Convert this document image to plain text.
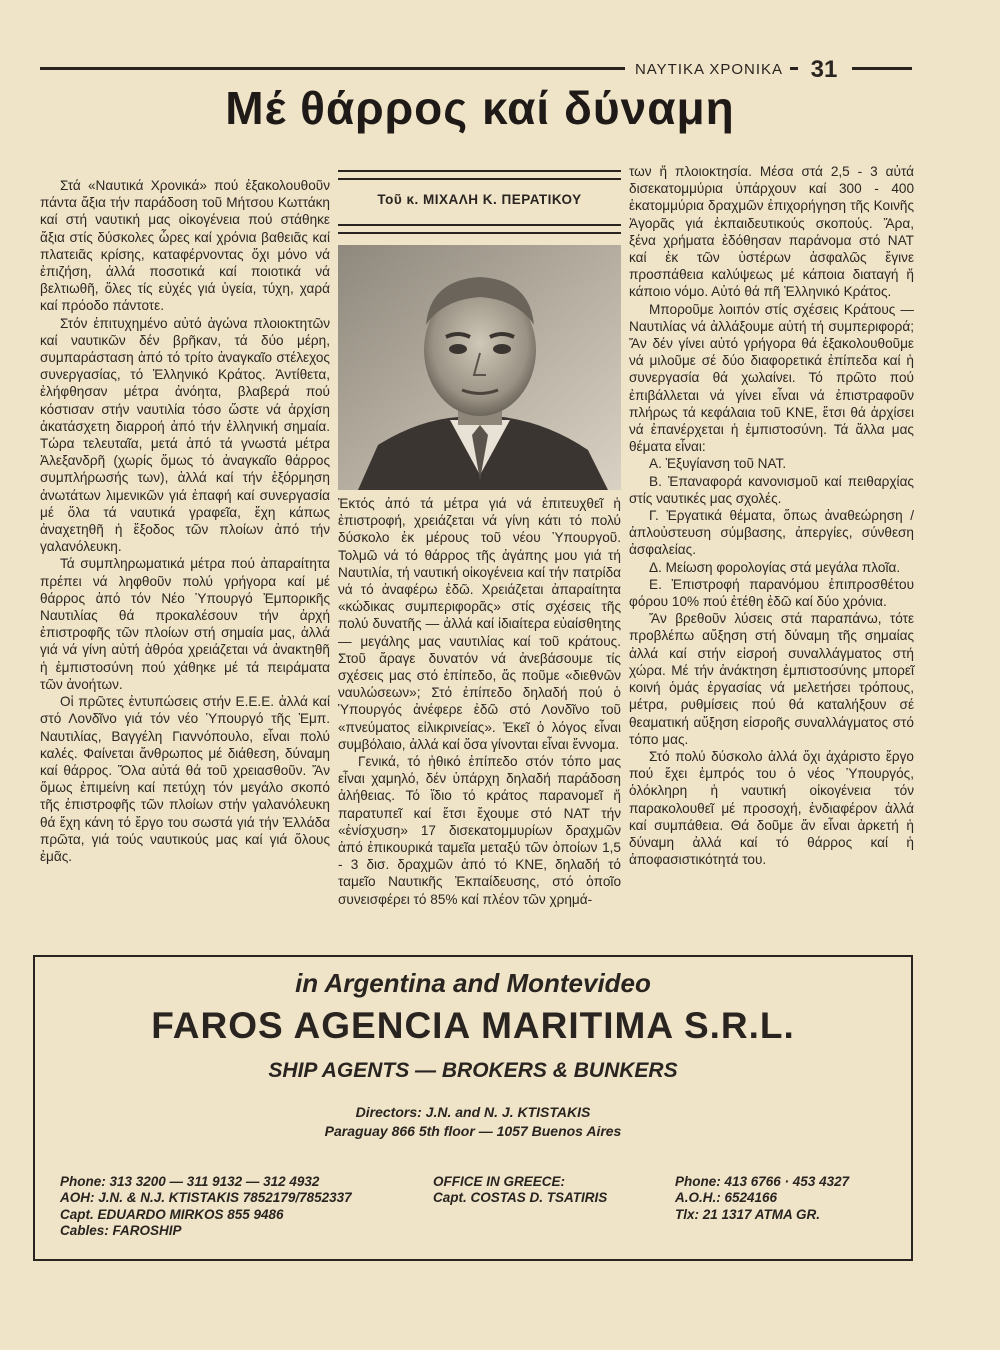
ΝΑΥΤΙΚΑ ΧΡΟΝΙΚΑ	31
Μέ θάρρος καί δύναμη

Στά «Ναυτικά Χρονικά» πού ἐξακολουθοῦν πάντα ἄξια τήν παράδοση τοῦ Μήτσου Κωττάκη καί στή ναυτική μας οἰκογένεια πού στάθηκε ἄξια στίς δύσκολες ὧρες καί χρόνια βαθειᾶς καί πλατειᾶς κρίσης, καταφέρνοντας ὄχι μόνο νά ἐπιζήση, ἀλλά ποσοτικά καί ποιοτικά νά βελτιωθῆ, ὅλες τίς εὐχές γιά ὑγεία, τύχη, χαρά καί πρόοδο πάντοτε.

Στόν ἐπιτυχημένο αὐτό ἀγώνα πλοιοκτητῶν καί ναυτικῶν δέν βρῆκαν, τά δύο μέρη, συμπαράσταση ἀπό τό τρίτο ἀναγκαῖο στέλεχος συνεργασίας, τό Ἑλληνικό Κράτος. Ἀντίθετα, ἐλήφθησαν μέτρα ἀνόητα, βλαβερά πού κόστισαν στήν ναυτιλία τόσο ὥστε νά ἀρχίση ἀκατάσχετη διαρροή ἀπό τήν ἑλληνική σημαία. Τώρα τελευταῖα, μετά ἀπό τά γνωστά μέτρα Ἀλεξανδρῆ (χωρίς ὅμως τό ἀναγκαῖο θάρρος συμπλήρωσής των), ἀλλά καί τήν ἐξόρμηση ἀνωτάτων λιμενικῶν γιά ἐπαφή καί συνεργασία μέ ὅλα τά ναυτικά γραφεῖα, ἔχη κάπως ἀναχετηθῆ ἡ ἔξοδος τῶν πλοίων ἀπό τήν γαλανόλευκη.

Τά συμπληρωματικά μέτρα πού ἀπαραίτητα πρέπει νά ληφθοῦν πολύ γρήγορα καί μέ θάρρος ἀπό τόν Νέο Ὑπουργό Ἐμπορικῆς Ναυτιλίας θά προκαλέσουν τήν ἀρχή ἐπιστροφῆς τῶν πλοίων στή σημαία μας, ἀλλά γιά νά γίνη αὐτή ἀθρόα χρειάζεται νά ἀνακτηθῆ ἡ ἐμπιστοσύνη πού χάθηκε μέ τά πειράματα τῶν ἀνοήτων.

Οἱ πρῶτες ἐντυπώσεις στήν Ε.Ε.Ε. ἀλλά καί στό Λονδῖνο γιά τόν νέο Ὑπουργό τῆς Ἐμπ. Ναυτιλίας, Βαγγέλη Γιαννόπουλο, εἶναι πολύ καλές. Φαίνεται ἄνθρωπος μέ διάθεση, δύναμη καί θάρρος. Ὅλα αὐτά θά τοῦ χρειασθοῦν. Ἄν ὅμως ἐπιμείνη καί πετύχη τόν μεγάλο σκοπό τῆς ἐπιστροφῆς τῶν πλοίων στήν γαλανόλευκη θά ἔχη κάνη τό ἔργο του σωστά γιά τήν Ἑλλάδα πρῶτα, γιά τούς ναυτικούς μας καί γιά ὅλους ἐμᾶς.

Τοῦ κ. ΜΙΧΑΛΗ Κ. ΠΕΡΑΤΙΚΟΥ

Ἐκτός ἀπό τά μέτρα γιά νά ἐπιτευχθεῖ ἡ ἐπιστροφή, χρειάζεται νά γίνη κάτι τό πολύ δύσκολο ἐκ μέρους τοῦ νέου Ὑπουργοῦ. Τολμῶ νά τό θάρρος τῆς ἀγάπης μου γιά τή Ναυτιλία, τή ναυτική οἰκογένεια καί τήν πατρίδα νά τό ἀναφέρω ἐδῶ. Χρειάζεται ἀπαραίτητα «κώδικας συμπεριφορᾶς» στίς σχέσεις τῆς πολύ δυνατῆς — ἀλλά καί ἰδιαίτερα εὐαίσθητης — μεγάλης μας ναυτιλίας καί τοῦ κράτους. Στοῦ ἄραγε δυνατόν νά ἀνεβάσουμε τίς σχέσεις μας στό ἐπίπεδο, ἄς ποῦμε «διεθνῶν ναυλώσεων»; Στό ἐπίπεδο δηλαδή πού ὁ Ὑπουργός ἀνέφερε ἐδῶ στό Λονδῖνο τοῦ «πνεύματος εἰλικρινείας». Ἐκεῖ ὁ λόγος εἶναι συμβόλαιο, ἀλλά καί ὅσα γίνονται εἶναι ἔννομα.

Γενικά, τό ἠθικό ἐπίπεδο στόν τόπο μας εἶναι χαμηλό, δέν ὑπάρχη δηλαδή παράδοση ἀλήθειας. Τό ἴδιο τό κράτος παρανομεῖ ἤ παρατυπεῖ καί ἔτσι ἔχουμε στό ΝΑΤ τήν «ἐνίσχυση» 17 δισεκατομμυρίων δραχμῶν ἀπό ἐπικουρικά ταμεῖα μεταξύ τῶν ὁποίων 1,5 - 3 δισ. δραχμῶν ἀπό τό ΚΝΕ, δηλαδή τό ταμεῖο Ναυτικῆς Ἐκπαίδευσης, στό ὁποῖο συνεισφέρει τό 85% καί πλέον τῶν χρημά-

των ἤ πλοιοκτησία. Μέσα στά 2,5 - 3 αὐτά δισεκατομμύρια ὑπάρχουν καί 300 - 400 ἑκατομμύρια δραχμῶν ἐπιχορήγηση τῆς Κοινῆς Ἀγορᾶς γιά ἐκπαιδευτικούς σκοπούς. Ἄρα, ξένα χρήματα ἐδόθησαν παράνομα στό ΝΑΤ καί ἐκ τῶν ὑστέρων ἀσφαλῶς ἔγινε προσπάθεια καλύψεως μέ κάποια διαταγή ἤ κάποιο νόμο. Αὐτό θά πῆ Ἑλληνικό Κράτος.

Μποροῦμε λοιπόν στίς σχέσεις Κράτους — Ναυτιλίας νά ἀλλάξουμε αὐτή τή συμπεριφορά; Ἄν δέν γίνει αὐτό γρήγορα θά ἐξακολουθοῦμε νά μιλοῦμε σέ δύο διαφορετικά ἐπίπεδα καί ἡ συνεργασία θά χωλαίνει. Τό πρῶτο πού ἐπιβάλλεται νά γίνει εἶναι νά ἐπιστραφοῦν πλήρως τά κεφάλαια τοῦ ΚΝΕ, ἔτσι θά ἀρχίσει νά ἐπανέρχεται ἡ ἐμπιστοσύνη. Τά ἄλλα μας θέματα εἶναι:

Α. Ἐξυγίανση τοῦ ΝΑΤ.

Β. Ἐπαναφορά κανονισμοῦ καί πειθαρχίας στίς ναυτικές μας σχολές.

Γ. Ἐργατικά θέματα, ὅπως ἀναθεώρηση /ἀπλοὐστευση σύμβασης, ἀπεργίες, σύνθεση ἀσφαλείας.

Δ. Μείωση φορολογίας στά μεγάλα πλοῖα.

Ε. Ἐπιστροφή παρανόμου ἐπιπροσθέτου φόρου 10% πού ἐτέθη ἐδῶ καί δύο χρόνια.

Ἄν βρεθοῦν λύσεις στά παραπάνω, τότε προβλέπω αὔξηση στή δύναμη τῆς σημαίας ἀλλά καί στήν εἰσροή συναλλάγματος στή χώρα. Μέ τήν ἀνάκτηση ἐμπιστοσύνης μπορεῖ κοινή ὁμάς ἐργασίας νά μελετήσει τρόπους, μέτρα, ρυθμίσεις πού θά καταλήξουν σέ θεαματική αὔξηση εἰσροῆς συναλλάγματος στό τόπο μας.

Στό πολύ δύσκολο ἀλλά ὄχι ἀχάριστο ἔργο πού ἔχει ἐμπρός του ὁ νέος Ὑπουργός, ὁλόκληρη ἡ ναυτική οἰκογένεια τόν παρακολουθεῖ μέ προσοχή, ἐνδιαφέρον ἀλλά καί συμπάθεια. Θά δοῦμε ἄν εἶναι ἀρκετή ἡ δύναμη ἀλλά καί τό θάρρος καί ἡ ἀποφασιστικότητά του.

in Argentina and Montevideo
FAROS AGENCIA MARITIMA S.R.L.
SHIP AGENTS — BROKERS & BUNKERS
Directors: J.N. and N. J. KTISTAKIS
Paraguay 866 5th floor — 1057 Buenos Aires
Phone: 313 3200 — 311 9132 — 312 4932
AOH: J.N. & N.J. KTISTAKIS 7852179/7852337
Capt. EDUARDO MIRKOS 855 9486
Cables: FAROSHIP
OFFICE IN GREECE:
Capt. COSTAS D. TSATIRIS
Phone: 413 6766 · 453 4327
A.O.H.: 6524166
Tlx: 21 1317 ATMA GR.
